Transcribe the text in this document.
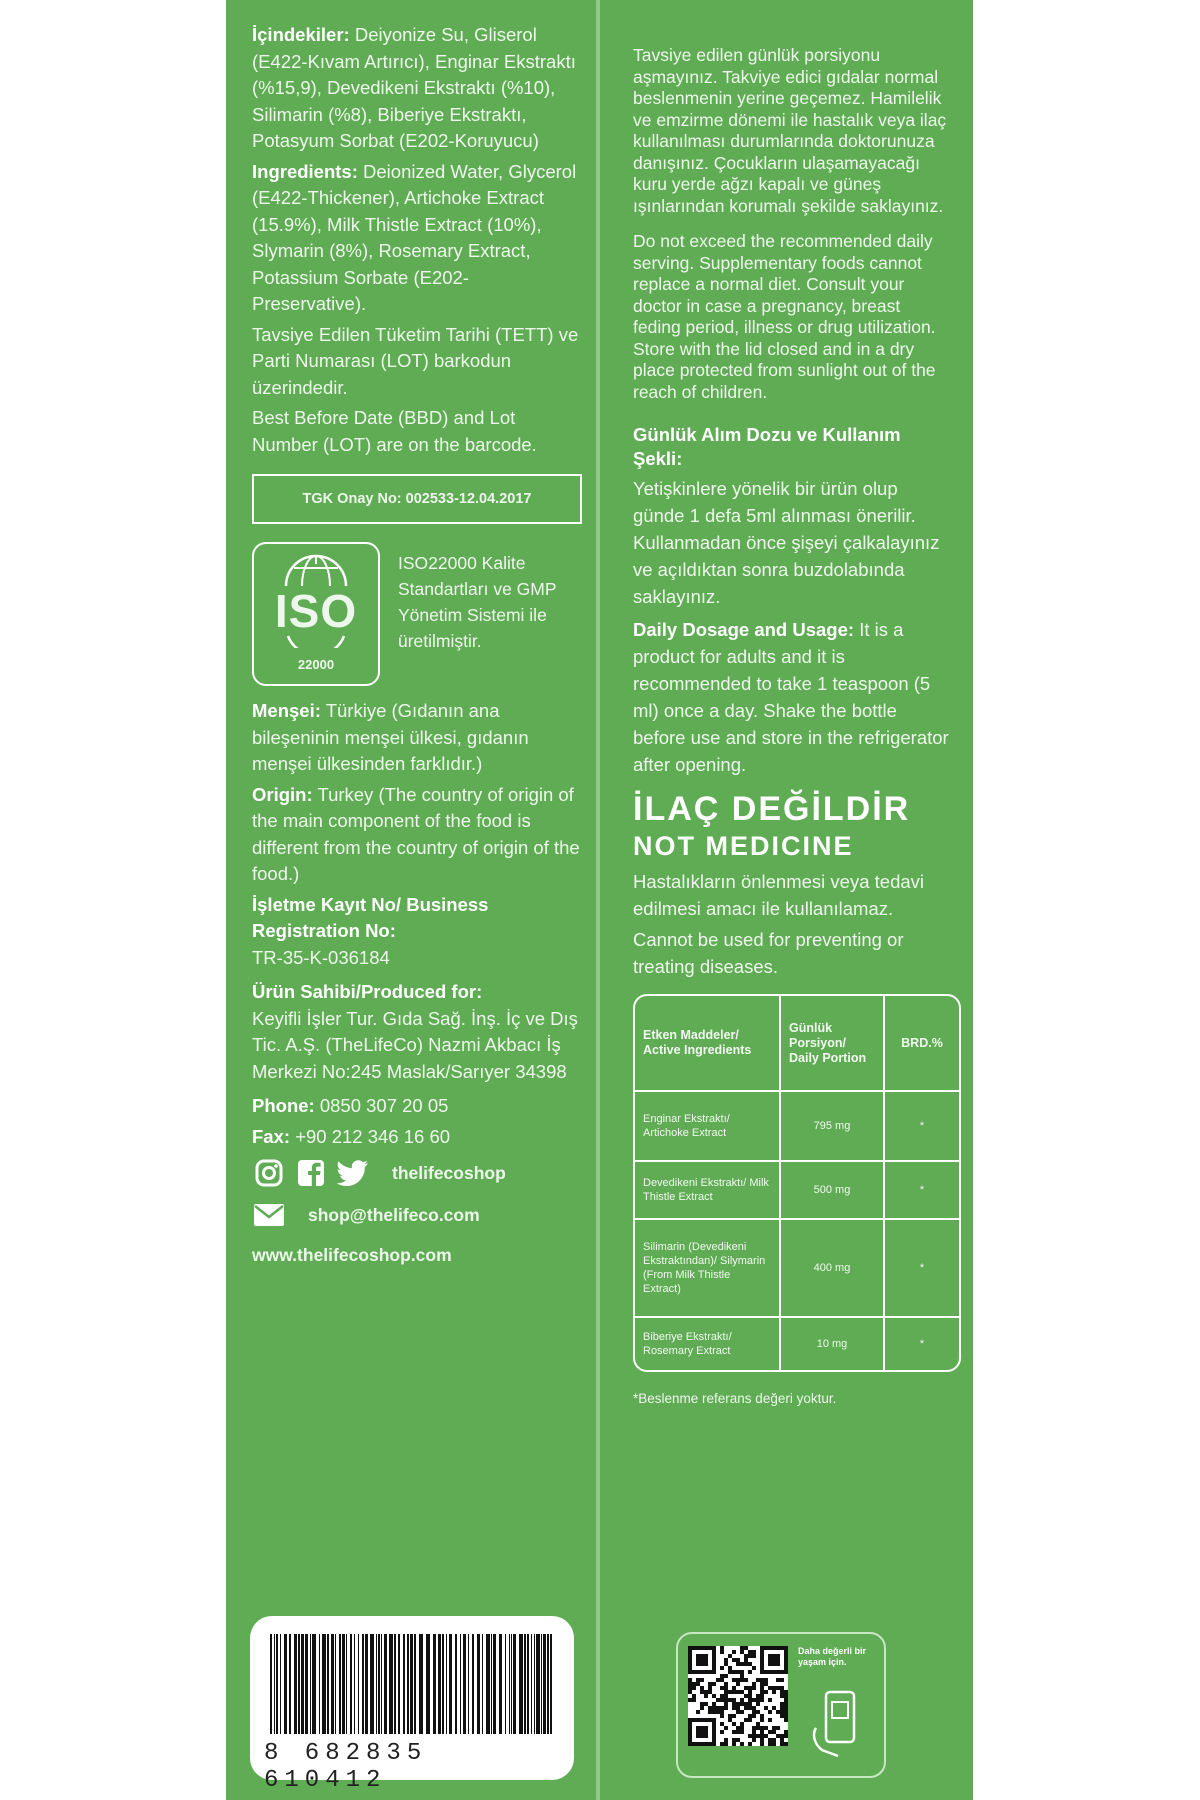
İçindekiler: Deiyonize Su, Gliserol (E422-Kıvam Artırıcı), Enginar Ekstraktı (%15,9), Devedikeni Ekstraktı (%10), Silimarin (%8), Biberiye Ekstraktı, Potasyum Sorbat (E202-Koruyucu)

Ingredients: Deionized Water, Glycerol (E422-Thickener), Artichoke Extract (15.9%), Milk Thistle Extract (10%), Slymarin (8%), Rosemary Extract, Potassium Sorbate (E202-Preservative).

Tavsiye Edilen Tüketim Tarihi (TETT) ve Parti Numarası (LOT) barkodun üzerindedir.

Best Before Date (BBD) and Lot Number (LOT) are on the barcode.

TGK Onay No: 002533-12.04.2017
ISO
22000
ISO22000 Kalite Standartları ve GMP Yönetim Sistemi ile üretilmiştir.

Menşei: Türkiye (Gıdanın ana bileşeninin menşei ülkesi, gıdanın menşei ülkesinden farklıdır.)

Origin: Turkey (The country of origin of the main component of the food is different from the country of origin of the food.)

İşletme Kayıt No/ Business Registration No:
TR-35-K-036184

Ürün Sahibi/Produced for:
Keyifli İşler Tur. Gıda Sağ. İnş. İç ve Dış Tic. A.Ş. (TheLifeCo) Nazmi Akbacı İş Merkezi No:245 Maslak/Sarıyer 34398

Phone: 0850 307 20 05

Fax: +90 212 346 16 60

thelifecoshop
shop@thelifeco.com
www.thelifecoshop.com
8 682835 610412

Tavsiye edilen günlük porsiyonu aşmayınız. Takviye edici gıdalar normal beslenmenin yerine geçemez. Hamilelik ve emzirme dönemi ile hastalık veya ilaç kullanılması durumlarında doktorunuza danışınız. Çocukların ulaşamayacağı kuru yerde ağzı kapalı ve güneş ışınlarından korumalı şekilde saklayınız.

Do not exceed the recommended daily serving. Supplementary foods cannot replace a normal diet. Consult your doctor in case a pregnancy, breast feding period, illness or drug utilization. Store with the lid closed and in a dry place protected from sunlight out of the reach of children.

Günlük Alım Dozu ve Kullanım Şekli:

Yetişkinlere yönelik bir ürün olup günde 1 defa 5ml alınması önerilir. Kullanmadan önce şişeyi çalkalayınız ve açıldıktan sonra buzdolabında saklayınız.

Daily Dosage and Usage: It is a product for adults and it is recommended to take 1 teaspoon (5 ml) once a day. Shake the bottle before use and store in the refrigerator after opening.

İLAÇ DEĞİLDİR
NOT MEDICINE

Hastalıkların önlenmesi veya tedavi edilmesi amacı ile kullanılamaz.

Cannot be used for preventing or treating diseases.

Etken Maddeler/ Active Ingredients	Günlük Porsiyon/ Daily Portion	BRD.%
Enginar Ekstraktı/ Artichoke Extract	795 mg	*
Devedikeni Ekstraktı/ Milk Thistle Extract	500 mg	*
Silimarin (Devedikeni Ekstraktından)/ Silymarin (From Milk Thistle Extract)	400 mg	*
Biberiye Ekstraktı/ Rosemary Extract	10 mg	*

*Beslenme referans değeri yoktur.

Daha değerli bir yaşam için.
